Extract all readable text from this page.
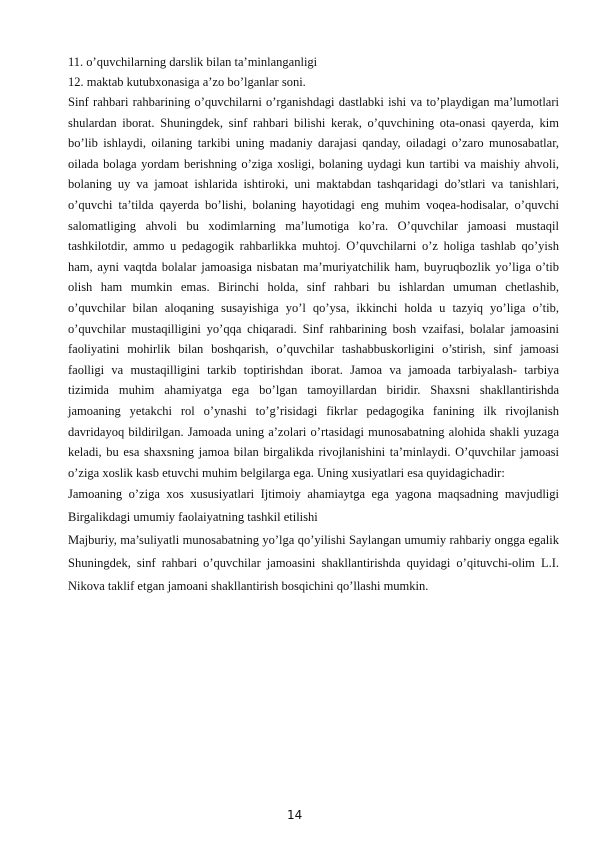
11. o’quvchilarning darslik bilan ta’minlanganligi

12. maktab kutubxonasiga a’zo bo’lganlar soni.

Sinf rahbari rahbarining o’quvchilarni o’rganishdagi dastlabki ishi va to’playdigan ma’lumotlari shulardan iborat. Shuningdek, sinf rahbari bilishi kerak, o’quvchining ota-onasi qayerda, kim bo’lib ishlaydi, oilaning tarkibi uning madaniy darajasi qanday, oiladagi o’zaro munosabatlar, oilada bolaga yordam berishning o’ziga xosligi, bolaning uydagi kun tartibi va maishiy ahvoli, bolaning uy va jamoat ishlarida ishtiroki, uni maktabdan tashqaridagi do’stlari va tanishlari, o’quvchi ta’tilda qayerda bo’lishi, bolaning hayotidagi eng muhim voqea-hodisalar, o’quvchi salomatliging ahvoli bu xodimlarning ma’lumotiga ko’ra. O’quvchilar jamoasi mustaqil tashkilotdir, ammo u pedagogik rahbarlikka muhtoj. O’quvchilarni o’z holiga tashlab qo’yish ham, ayni vaqtda bolalar jamoasiga nisbatan ma’muriyatchilik ham, buyruqbozlik yo’liga o’tib olish ham mumkin emas. Birinchi holda, sinf rahbari bu ishlardan umuman chetlashib, o’quvchilar bilan aloqaning susayishiga yo’l qo’ysa, ikkinchi holda u tazyiq yo’liga o’tib, o’quvchilar mustaqilligini yo’qqa chiqaradi. Sinf rahbarining bosh vzaifasi, bolalar jamoasini faoliyatini mohirlik bilan boshqarish, o’quvchilar tashabbuskorligini o’stirish, sinf jamoasi faolligi va mustaqilligini tarkib toptirishdan iborat. Jamoa va jamoada tarbiyalash- tarbiya tizimida muhim ahamiyatga ega bo’lgan tamoyillardan biridir. Shaxsni shakllantirishda jamoaning yetakchi rol o’ynashi to’g’risidagi fikrlar pedagogika fanining ilk rivojlanish davridayoq bildirilgan. Jamoada uning a’zolari o’rtasidagi munosabatning alohida shakli yuzaga keladi, bu esa shaxsning jamoa bilan birgalikda rivojlanishini ta’minlaydi. O’quvchilar jamoasi o’ziga xoslik kasb etuvchi muhim belgilarga ega. Uning xusiyatlari esa quyidagichadir:

Jamoaning o’ziga xos xususiyatlari Ijtimoiy ahamiaytga ega yagona maqsadning mavjudligi Birgalikdagi umumiy faolaiyatning tashkil etilishi

Majburiy, ma’suliyatli munosabatning yo’lga qo’yilishi Saylangan umumiy rahbariy ongga egalik Shuningdek, sinf rahbari o’quvchilar jamoasini shakllantirishda quyidagi o’qituvchi-olim L.I. Nikova taklif etgan jamoani shakllantirish bosqichini qo’llashi mumkin.

14
